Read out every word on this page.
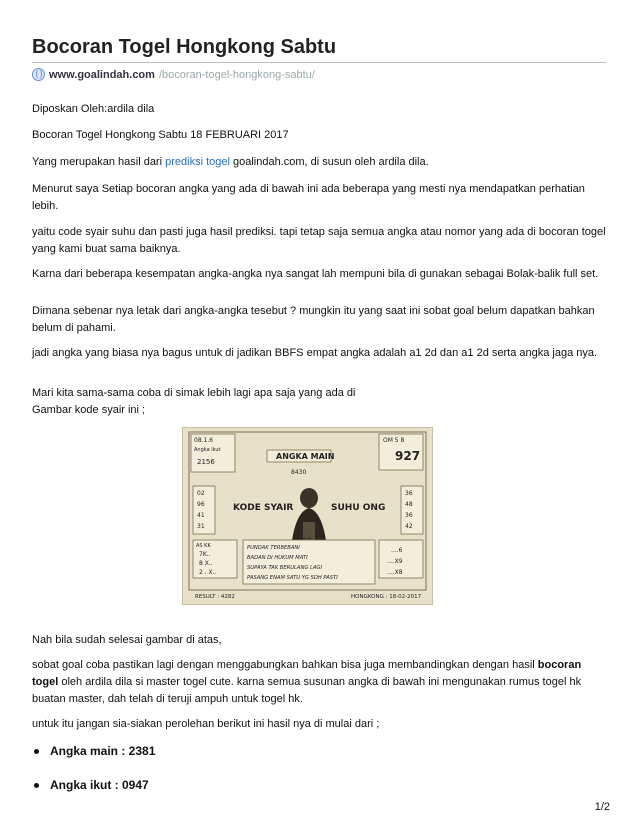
Bocoran Togel Hongkong Sabtu
www.goalindah.com /bocoran-togel-hongkong-sabtu/

Diposkan Oleh:ardila dila

Bocoran Togel Hongkong Sabtu 18 FEBRUARI 2017

Yang merupakan hasil dari prediksi togel goalindah.com, di susun oleh ardila dila.

Menurut saya Setiap bocoran angka yang ada di bawah ini ada beberapa yang mesti nya mendapatkan perhatian lebih.

yaitu code syair suhu dan pasti juga hasil prediksi. tapi tetap saja semua angka atau nomor yang ada di bocoran togel yang kami buat sama baiknya.

Karna dari beberapa kesempatan angka-angka nya sangat lah mempuni bila di gunakan sebagai Bolak-balik full set.

Dimana sebenar nya letak dari angka-angka tesebut ? mungkin itu yang saat ini sobat goal belum dapatkan bahkan belum di pahami.

jadi angka yang biasa nya bagus untuk di jadikan BBFS empat angka adalah a1 2d dan a1 2d serta angka jaga nya.

Mari kita sama-sama coba di simak lebih lagi apa saja yang ada di

Gambar kode syair ini ;

08.1.6
Angka ikut
2156
ANGKA MAIN
8430
OM 5 8
927
02
96
41
31
36
48
36
42
KODE SYAIR	SUHU ONG
AS KK
7K..
8 X..
2 . X..
....6
....X9
....X8
PUNDAK TERBEBANI
BADAN DI HUKUM MATI
SUPAYA TAK BERULANG LAGI
PASANG ENAM SATU YG SDH PASTI
RESULT : 4282	HONGKONG : 18-02-2017

Nah bila sudah selesai gambar di atas,

sobat goal coba pastikan lagi dengan menggabungkan bahkan bisa juga membandingkan dengan hasil bocoran togel oleh ardila dila si master togel cute. karna semua susunan angka di bawah ini mengunakan rumus togel hk buatan master, dah telah di teruji ampuh untuk togel hk.

untuk itu jangan sia-siakan perolehan berikut ini hasil nya di mulai dari ;

Angka main : 2381
Angka ikut : 0947
1/2
